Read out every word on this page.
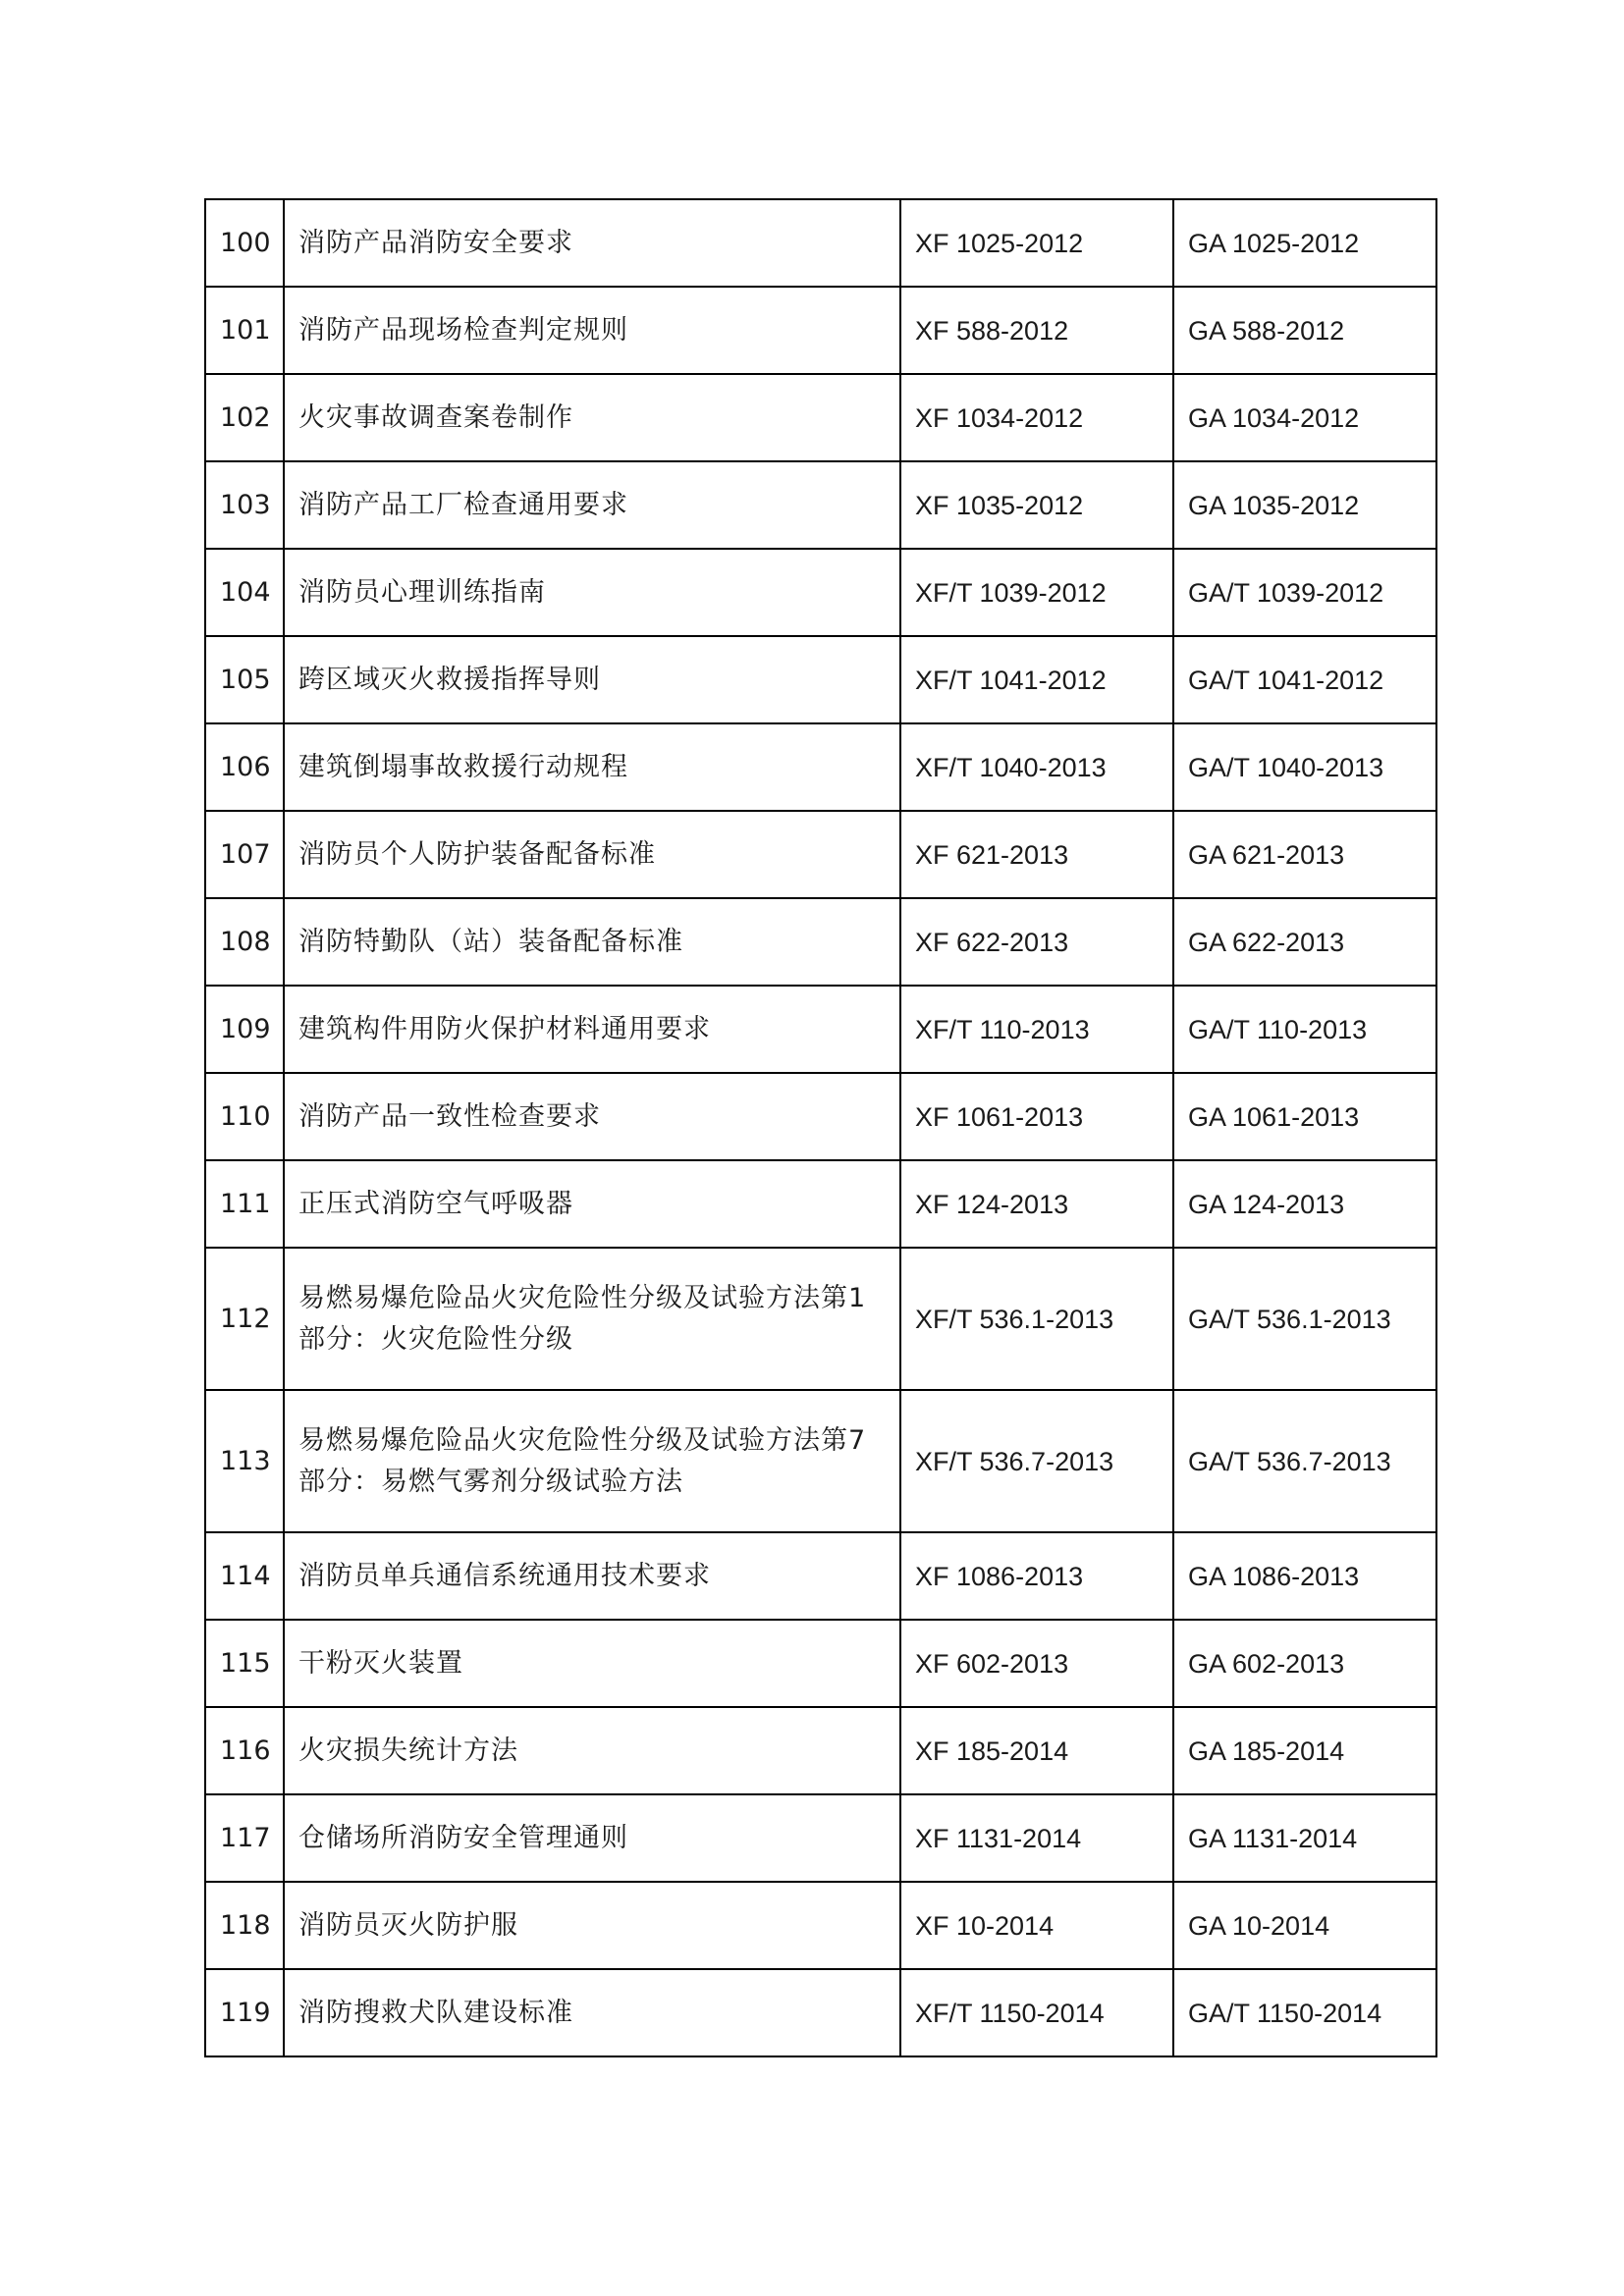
100	消防产品消防安全要求	XF 1025-2012	GA 1025-2012
101	消防产品现场检查判定规则	XF 588-2012	GA 588-2012
102	火灾事故调查案卷制作	XF 1034-2012	GA 1034-2012
103	消防产品工厂检查通用要求	XF 1035-2012	GA 1035-2012
104	消防员心理训练指南	XF/T 1039-2012	GA/T 1039-2012
105	跨区域灭火救援指挥导则	XF/T 1041-2012	GA/T 1041-2012
106	建筑倒塌事故救援行动规程	XF/T 1040-2013	GA/T 1040-2013
107	消防员个人防护装备配备标准	XF 621-2013	GA 621-2013
108	消防特勤队（站）装备配备标准	XF 622-2013	GA 622-2013
109	建筑构件用防火保护材料通用要求	XF/T 110-2013	GA/T 110-2013
110	消防产品一致性检查要求	XF 1061-2013	GA 1061-2013
111	正压式消防空气呼吸器	XF 124-2013	GA 124-2013
112	易燃易爆危险品火灾危险性分级及试验方法第1部分：火灾危险性分级	XF/T 536.1-2013	GA/T 536.1-2013
113	易燃易爆危险品火灾危险性分级及试验方法第7部分：易燃气雾剂分级试验方法	XF/T 536.7-2013	GA/T 536.7-2013
114	消防员单兵通信系统通用技术要求	XF 1086-2013	GA 1086-2013
115	干粉灭火装置	XF 602-2013	GA 602-2013
116	火灾损失统计方法	XF 185-2014	GA 185-2014
117	仓储场所消防安全管理通则	XF 1131-2014	GA 1131-2014
118	消防员灭火防护服	XF 10-2014	GA 10-2014
119	消防搜救犬队建设标准	XF/T 1150-2014	GA/T 1150-2014
